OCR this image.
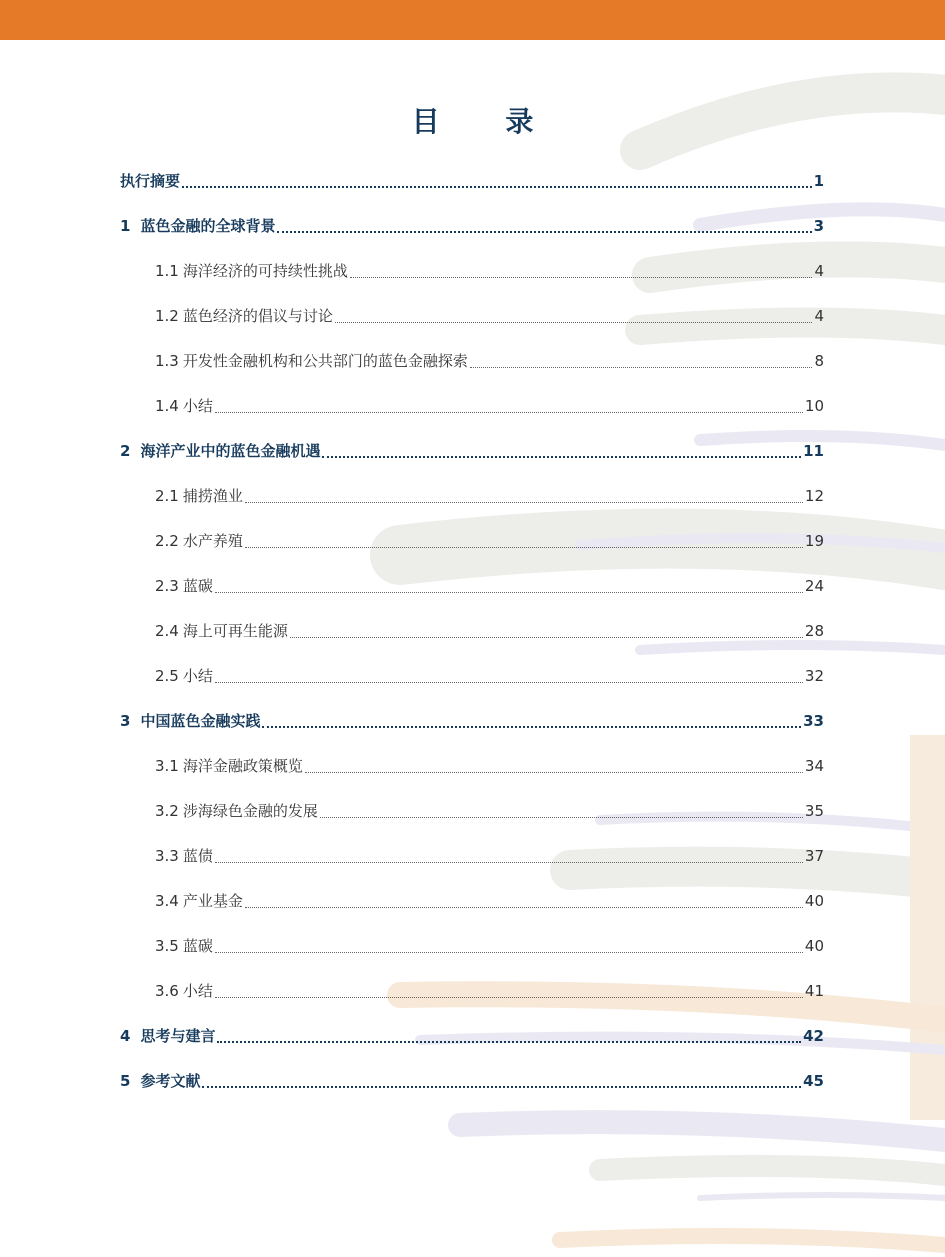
目 录
执行摘要	1
1 蓝色金融的全球背景	3
1.1 海洋经济的可持续性挑战	4
1.2 蓝色经济的倡议与讨论	4
1.3 开发性金融机构和公共部门的蓝色金融探索	8
1.4 小结	10
2 海洋产业中的蓝色金融机遇	11
2.1 捕捞渔业	12
2.2 水产养殖	19
2.3 蓝碳	24
2.4 海上可再生能源	28
2.5 小结	32
3 中国蓝色金融实践	33
3.1 海洋金融政策概览	34
3.2 涉海绿色金融的发展	35
3.3 蓝债	37
3.4 产业基金	40
3.5 蓝碳	40
3.6 小结	41
4 思考与建言	42
5 参考文献	45
